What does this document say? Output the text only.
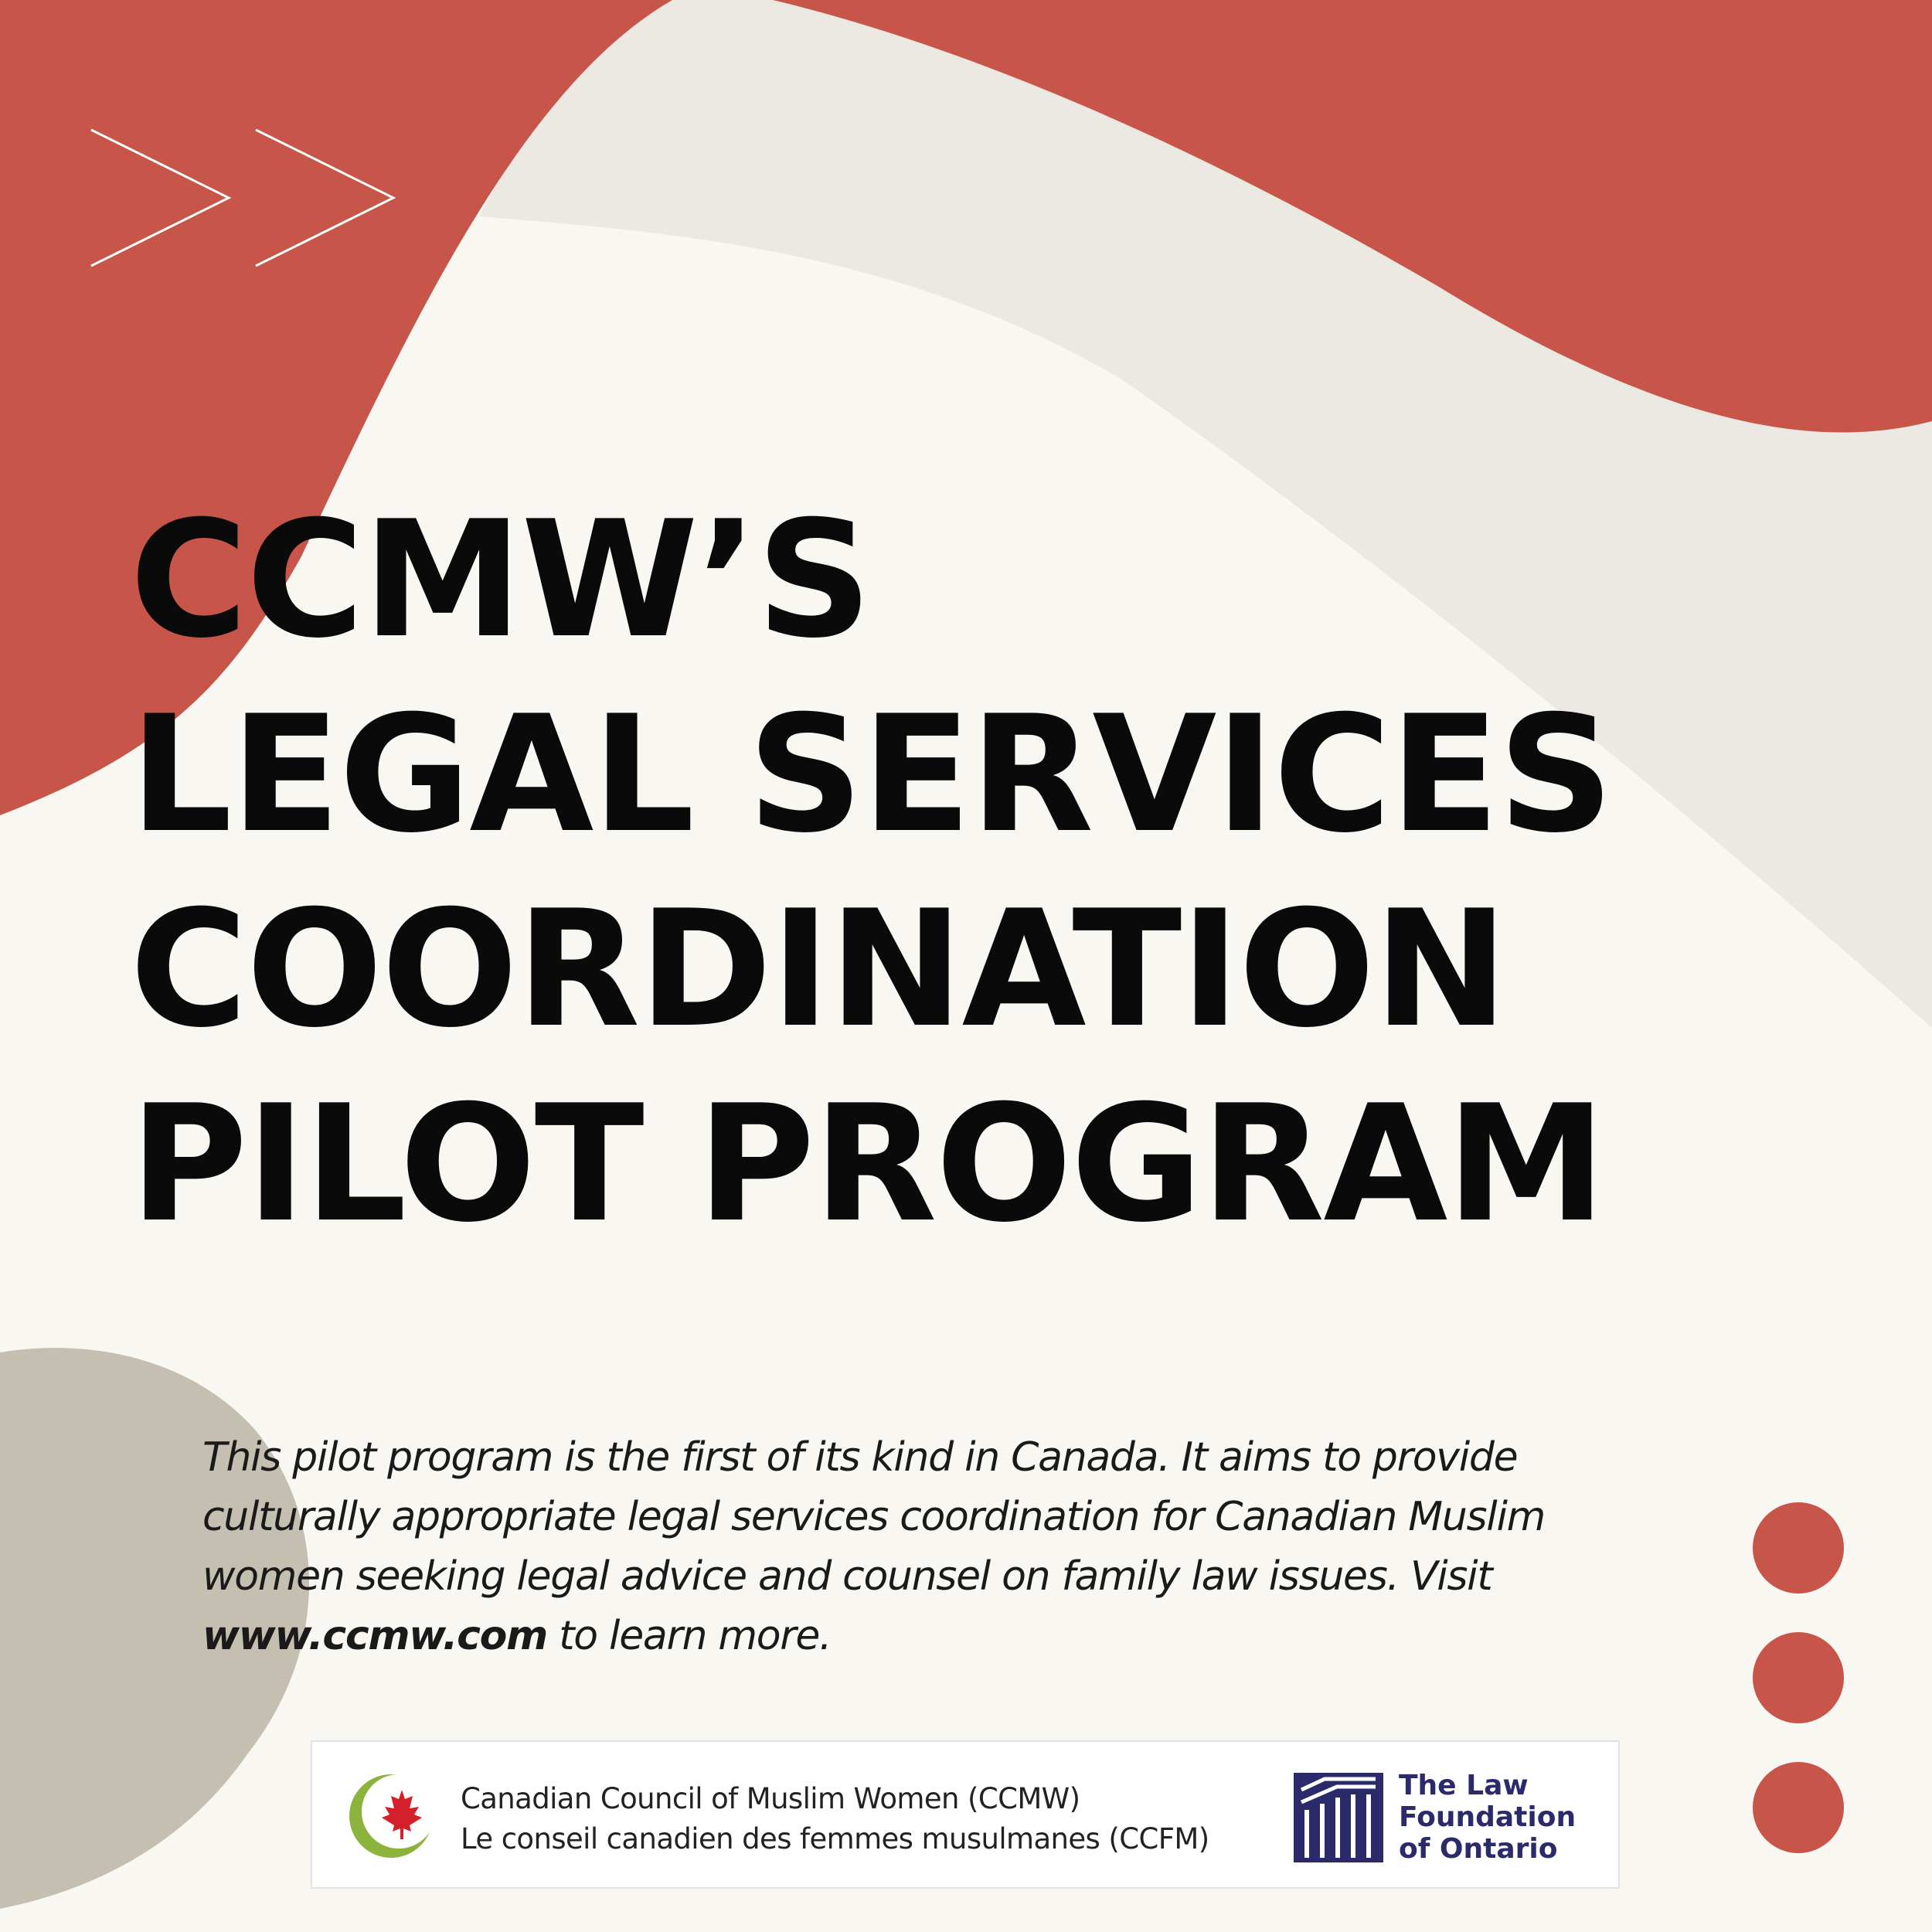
CCMW’S
LEGAL SERVICES
COORDINATION
PILOT PROGRAM

This pilot program is the first of its kind in Canada. It aims to provide culturally appropriate legal services coordination for Canadian Muslim women seeking legal advice and counsel on family law issues. Visit www.ccmw.com to learn more.

Canadian Council of Muslim Women (CCMW)
Le conseil canadien des femmes musulmanes (CCFM)
The Law
Foundation
of Ontario
